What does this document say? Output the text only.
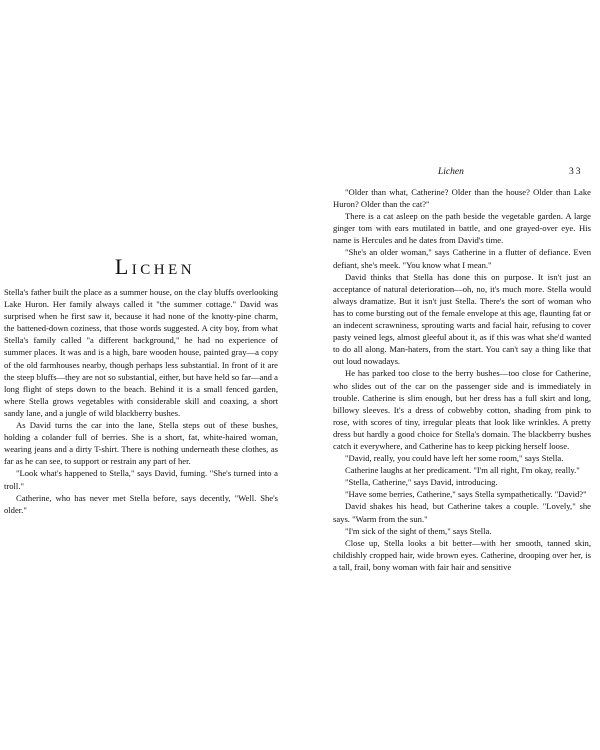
Lichen

Stella's father built the place as a summer house, on the clay bluffs overlooking Lake Huron. Her family always called it "the summer cottage." David was surprised when he first saw it, because it had none of the knotty-pine charm, the battened-down coziness, that those words suggested. A city boy, from what Stella's family called "a different background," he had no experience of summer places. It was and is a high, bare wooden house, painted gray—a copy of the old farmhouses nearby, though perhaps less substantial. In front of it are the steep bluffs—they are not so substantial, either, but have held so far—and a long flight of steps down to the beach. Behind it is a small fenced garden, where Stella grows vegetables with considerable skill and coaxing, a short sandy lane, and a jungle of wild blackberry bushes.

As David turns the car into the lane, Stella steps out of these bushes, holding a colander full of berries. She is a short, fat, white-haired woman, wearing jeans and a dirty T-shirt. There is nothing underneath these clothes, as far as he can see, to support or restrain any part of her.

"Look what's happened to Stella," says David, fuming. "She's turned into a troll."

Catherine, who has never met Stella before, says decently, "Well. She's older."

Lichen	33

"Older than what, Catherine? Older than the house? Older than Lake Huron? Older than the cat?"

There is a cat asleep on the path beside the vegetable garden. A large ginger tom with ears mutilated in battle, and one grayed-over eye. His name is Hercules and he dates from David's time.

"She's an older woman," says Catherine in a flutter of defiance. Even defiant, she's meek. "You know what I mean."

David thinks that Stella has done this on purpose. It isn't just an acceptance of natural deterioration—oh, no, it's much more. Stella would always dramatize. But it isn't just Stella. There's the sort of woman who has to come bursting out of the female envelope at this age, flaunting fat or an indecent scrawniness, sprouting warts and facial hair, refusing to cover pasty veined legs, almost gleeful about it, as if this was what she'd wanted to do all along. Man-haters, from the start. You can't say a thing like that out loud nowadays.

He has parked too close to the berry bushes—too close for Catherine, who slides out of the car on the passenger side and is immediately in trouble. Catherine is slim enough, but her dress has a full skirt and long, billowy sleeves. It's a dress of cobwebby cotton, shading from pink to rose, with scores of tiny, irregular pleats that look like wrinkles. A pretty dress but hardly a good choice for Stella's domain. The blackberry bushes catch it everywhere, and Catherine has to keep picking herself loose.

"David, really, you could have left her some room," says Stella.

Catherine laughs at her predicament. "I'm all right, I'm okay, really."

"Stella, Catherine," says David, introducing.

"Have some berries, Catherine," says Stella sympathetically. "David?"

David shakes his head, but Catherine takes a couple. "Lovely," she says. "Warm from the sun."

"I'm sick of the sight of them," says Stella.

Close up, Stella looks a bit better—with her smooth, tanned skin, childishly cropped hair, wide brown eyes. Catherine, drooping over her, is a tall, frail, bony woman with fair hair and sensitive
